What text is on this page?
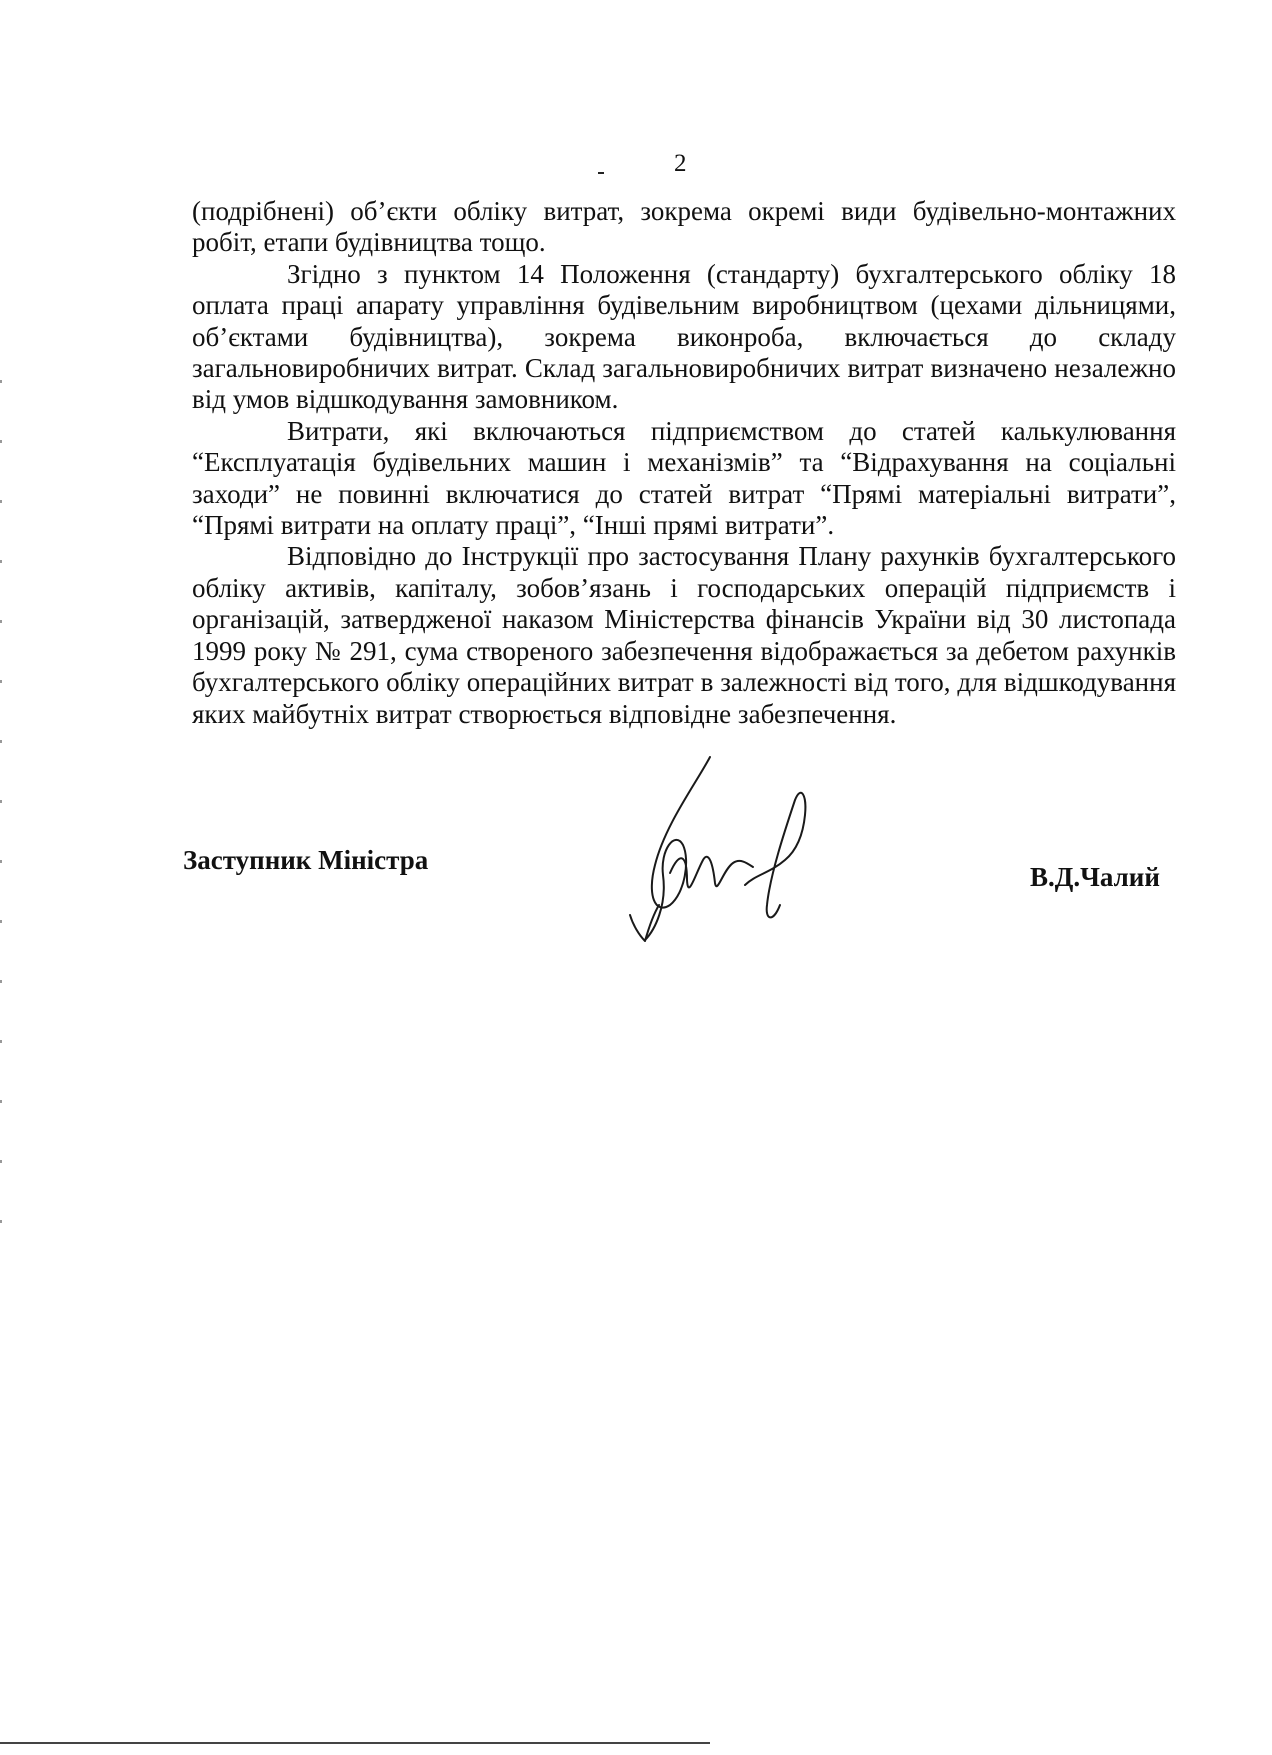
2

(подрібнені) об’єкти обліку витрат, зокрема окремі види будівельно-монтажних робіт, етапи будівництва тощо.

Згідно з пунктом 14 Положення (стандарту) бухгалтерського обліку 18 оплата праці апарату управління будівельним виробництвом (цехами дільницями, об’єктами будівництва), зокрема виконроба, включається до складу загальновиробничих витрат. Склад загальновиробничих витрат визначено незалежно від умов відшкодування замовником.

Витрати, які включаються підприємством до статей калькулювання “Експлуатація будівельних машин і механізмів” та “Відрахування на соціальні заходи” не повинні включатися до статей витрат “Прямі матеріальні витрати”, “Прямі витрати на оплату праці”, “Інші прямі витрати”.

Відповідно до Інструкції про застосування Плану рахунків бухгалтерського обліку активів, капіталу, зобов’язань і господарських операцій підприємств і організацій, затвердженої наказом Міністерства фінансів України від 30 листопада 1999 року № 291, сума створеного забезпечення відображається за дебетом рахунків бухгалтерського обліку операційних витрат в залежності від того, для відшкодування яких майбутніх витрат створюється відповідне забезпечення.

Заступник Міністра
В.Д.Чалий
